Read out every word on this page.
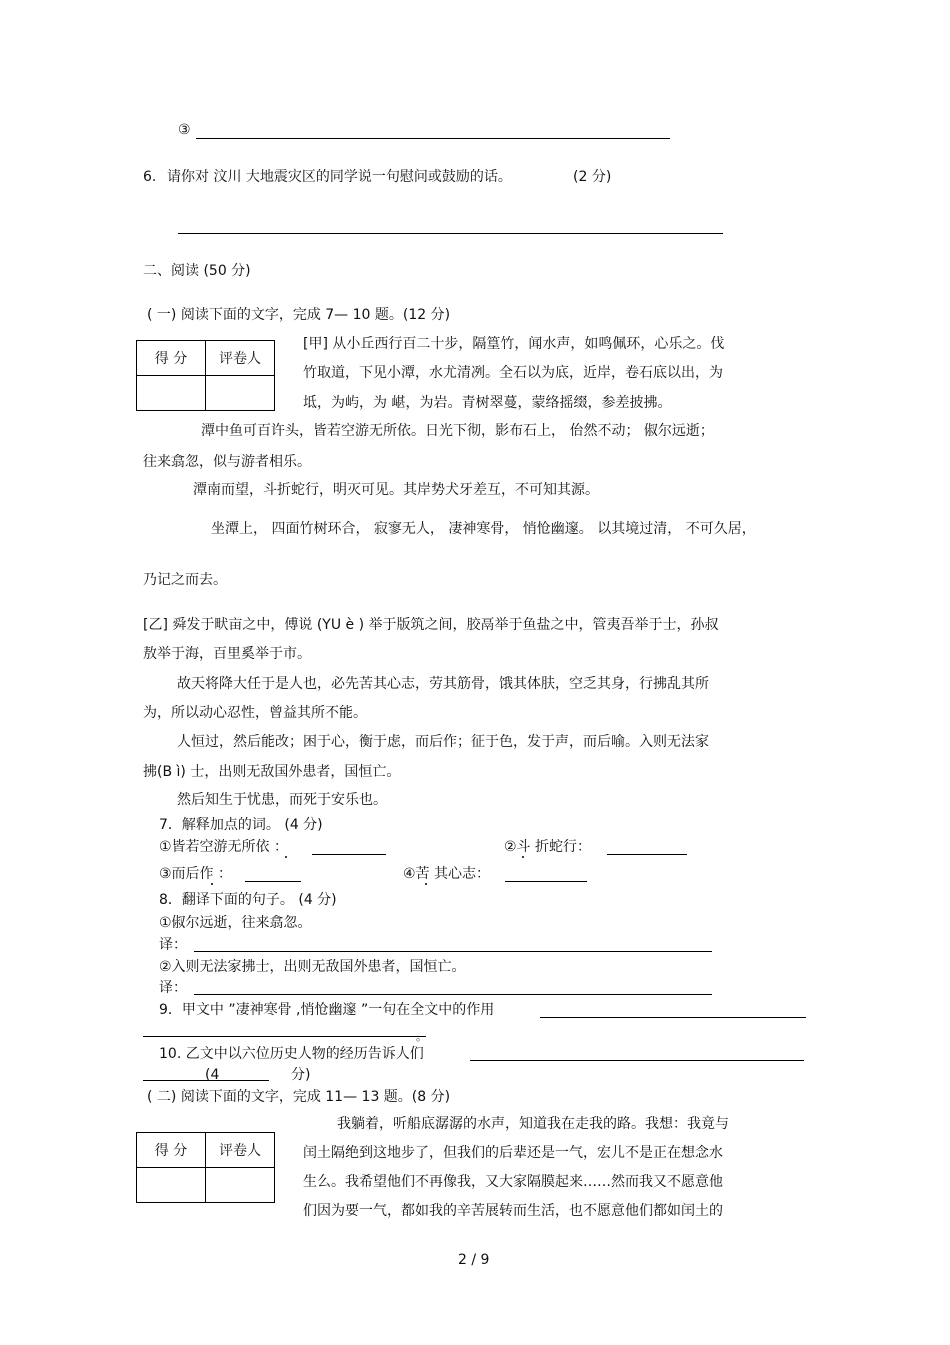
③
6. 请你对 汶川 大地震灾区的同学说一句慰问或鼓励的话。	(2 分)
二、阅读 (50 分)
( 一) 阅读下面的文字，完成 7— 10 题。(12 分)
得 分	评卷人

[甲] 从小丘西行百二十步，隔篁竹，闻水声，如鸣佩环，心乐之。伐
竹取道，下见小潭，水尤清冽。全石以为底，近岸，卷石底以出，为
坻，为屿，为 嵁，为岩。青树翠蔓，蒙络摇缀，参差披拂。
潭中鱼可百许头，皆若空游无所依。日光下彻，影布石上， 佁然不动； 俶尔远逝；
往来翕忽，似与游者相乐。
潭南而望，斗折蛇行，明灭可见。其岸势犬牙差互，不可知其源。
坐潭上， 四面竹树环合， 寂寥无人， 凄神寒骨， 悄怆幽邃。 以其境过清， 不可久居，
乃记之而去。
[乙] 舜发于畎亩之中，傅说 (YU è ) 举于版筑之间，胶鬲举于鱼盐之中，管夷吾举于士，孙叔
敖举于海，百里奚举于市。
故天将降大任于是人也，必先苦其心志，劳其筋骨，饿其体肤，空乏其身，行拂乱其所
为，所以动心忍性，曾益其所不能。
人恒过，然后能改；困于心，衡于虑，而后作；征于色，发于声，而后喻。入则无法家
拂(B ì) 士，出则无敌国外患者，国恒亡。
然后知生于忧患，而死于安乐也。
7．解释加点的词。 (4 分)
①皆若空游无所依 ：	②斗 折蛇行：
③而后作 ：	④苦 其心志：
8．翻译下面的句子。 (4 分)
①俶尔远逝，往来翕忽。
译：
②入则无法家拂士，出则无敌国外患者，国恒亡。
译：
9．甲文中 ”凄神寒骨 ,悄怆幽邃 ”一句在全文中的作用
。
10. 乙文中以六位历史人物的经历告诉人们
(4	分)
( 二) 阅读下面的文字，完成 11— 13 题。(8 分)
得 分	评卷人

我躺着，听船底潺潺的水声，知道我在走我的路。我想：我竟与
闰土隔绝到这地步了，但我们的后辈还是一气，宏儿不是正在想念水
生么。我希望他们不再像我，又大家隔膜起来……然而我又不愿意他
们因为要一气，都如我的辛苦展转而生活，也不愿意他们都如闰土的
2 / 9
